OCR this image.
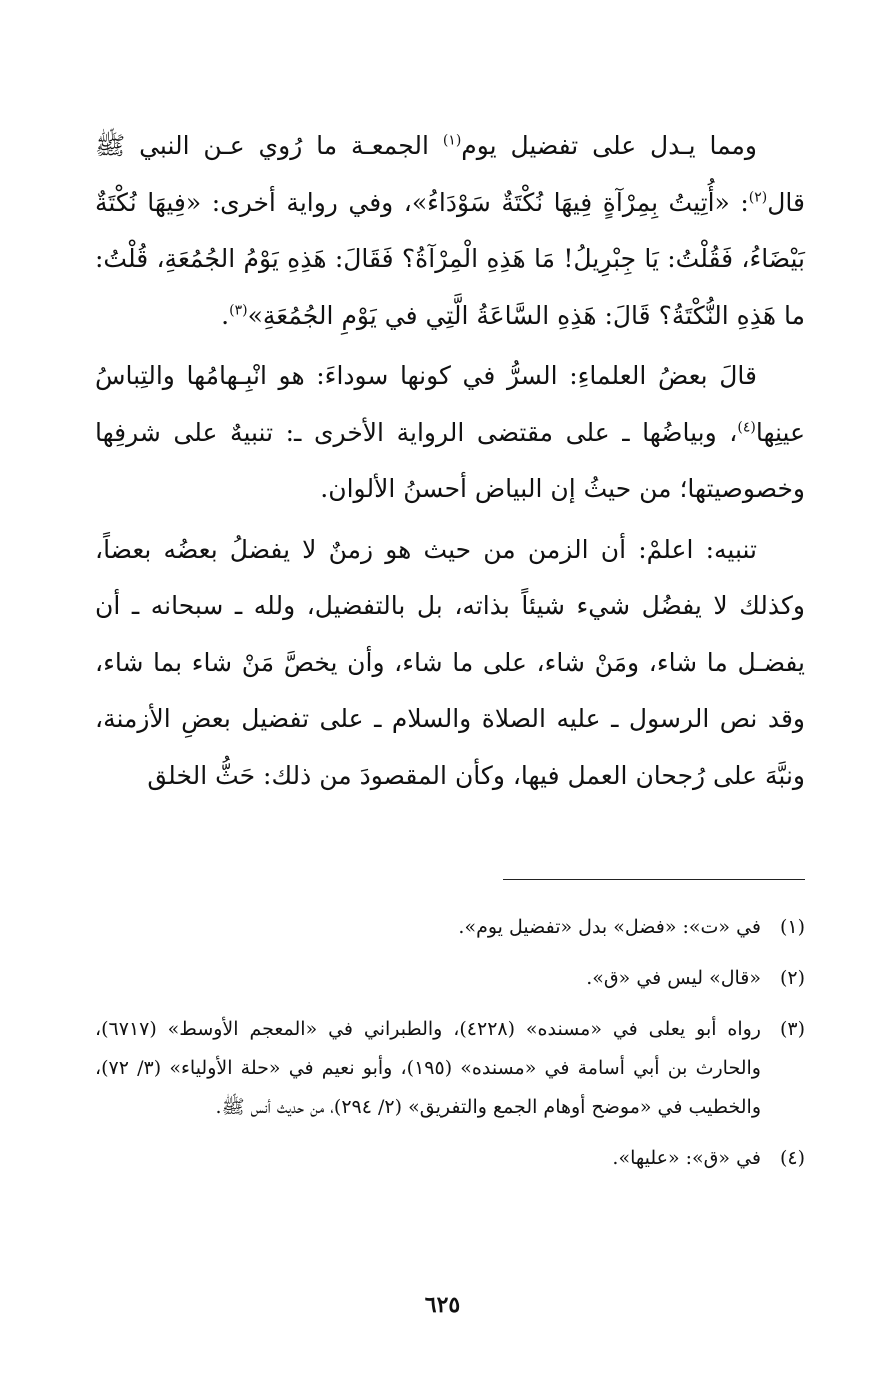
ومما يـدل على تفضيل يوم$^{(١)}$ الجمعـة ما رُوي عـن النبي ﷺ قال$^{(٢)}$: «أُتِيتُ بِمِرْآةٍ فِيهَا نُكْتَةٌ سَوْدَاءُ»، وفي رواية أخرى: «فِيهَا نُكْتَةٌ بَيْضَاءُ، فَقُلْتُ: يَا جِبْرِيلُ! مَا هَذِهِ الْمِرْآةُ؟ فَقَالَ: هَذِهِ يَوْمُ الجُمُعَةِ، قُلْتُ: ما هَذِهِ النُّكْتَةُ؟ قَالَ: هَذِهِ السَّاعَةُ الَّتِي في يَوْمِ الجُمُعَةِ»$^{(٣)}$.

قالَ بعضُ العلماءِ: السرُّ في كونها سوداءَ: هو انْبِـهامُها والتِباسُ عينِها$^{(٤)}$، وبياضُها ـ على مقتضى الرواية الأخرى ـ: تنبيهٌ على شرفِها وخصوصيتها؛ من حيثُ إن البياض أحسنُ الألوان.

تنبيه: اعلمْ: أن الزمن من حيث هو زمنٌ لا يفضلُ بعضُه بعضاً، وكذلك لا يفضُل شيء شيئاً بذاته، بل بالتفضيل، ولله ـ سبحانه ـ أن يفضـل ما شاء، ومَنْ شاء، على ما شاء، وأن يخصَّ مَنْ شاء بما شاء، وقد نص الرسول ـ عليه الصلاة والسلام ـ على تفضيل بعضِ الأزمنة، ونبَّهَ على رُجحان العمل فيها، وكأن المقصودَ من ذلك: حَثُّ الخلق

(١)
في «ت»: «فضل» بدل «تفضيل يوم».
(٢)
«قال» ليس في «ق».
(٣)
رواه أبو يعلى في «مسنده» (٤٢٢٨)، والطبراني في «المعجم الأوسط» (٦٧١٧)، والحارث بن أبي أسامة في «مسنده» (١٩٥)، وأبو نعيم في «حلة الأولياء» (٣/ ٧٢)، والخطيب في «موضح أوهام الجمع والتفريق» (٢/ ٢٩٤)، من حديث أنس ﷺ.
(٤)
في «ق»: «عليها».
٦٢٥
